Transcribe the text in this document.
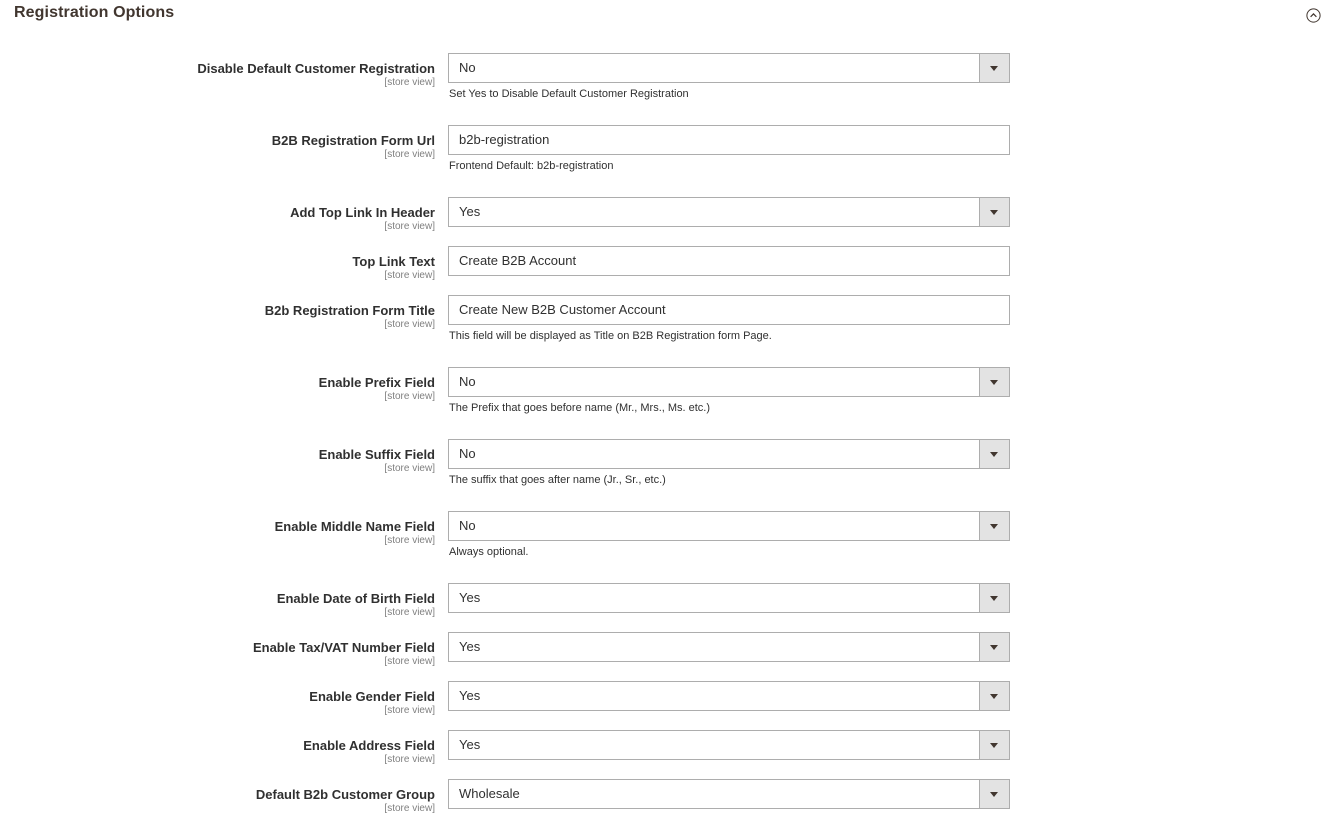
Registration Options
Disable Default Customer Registration
[store view]
No
Set Yes to Disable Default Customer Registration
B2B Registration Form Url
[store view]
b2b-registration
Frontend Default: b2b-registration
Add Top Link In Header
[store view]
Yes
Top Link Text
[store view]
Create B2B Account
B2b Registration Form Title
[store view]
Create New B2B Customer Account
This field will be displayed as Title on B2B Registration form Page.
Enable Prefix Field
[store view]
No
The Prefix that goes before name (Mr., Mrs., Ms. etc.)
Enable Suffix Field
[store view]
No
The suffix that goes after name (Jr., Sr., etc.)
Enable Middle Name Field
[store view]
No
Always optional.
Enable Date of Birth Field
[store view]
Yes
Enable Tax/VAT Number Field
[store view]
Yes
Enable Gender Field
[store view]
Yes
Enable Address Field
[store view]
Yes
Default B2b Customer Group
[store view]
Wholesale
